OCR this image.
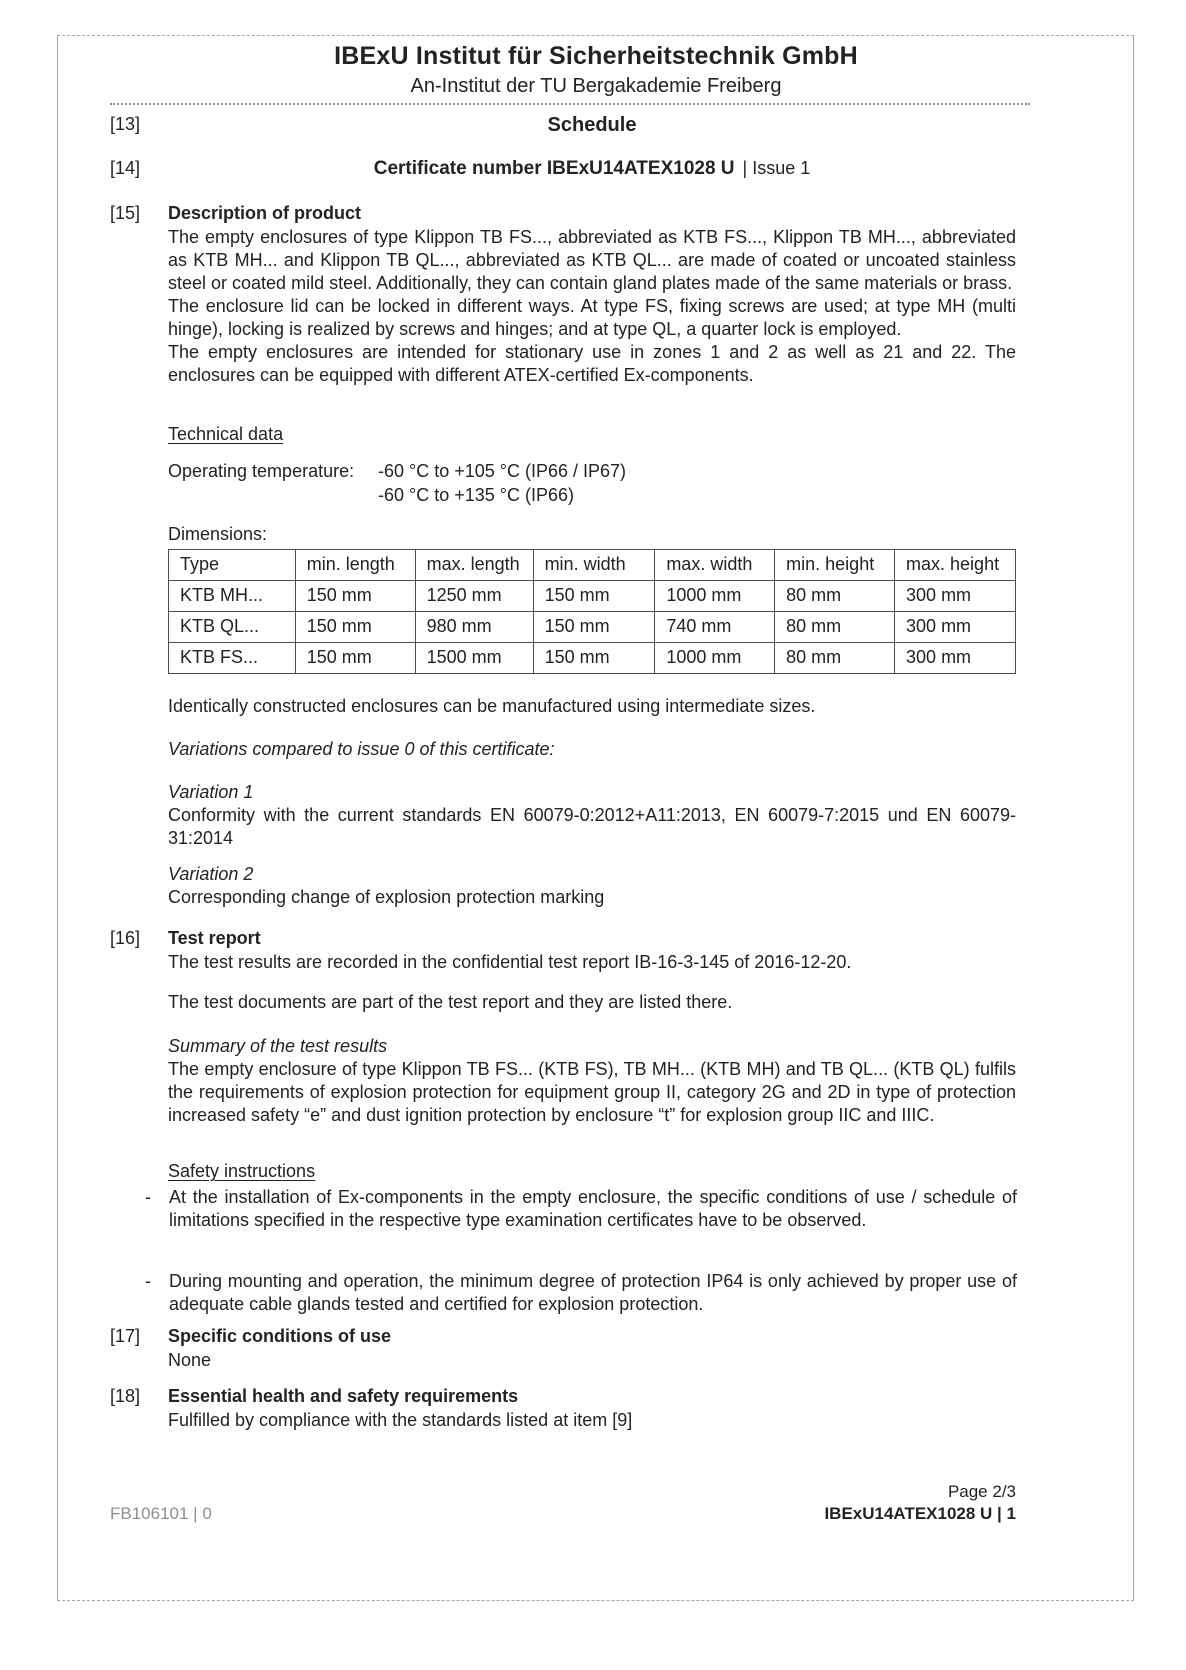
IBExU Institut für Sicherheitstechnik GmbH
An-Institut der TU Bergakademie Freiberg
[13]	Schedule
[14]	Certificate number IBExU14ATEX1028 U | Issue 1
[15]	Description of product
The empty enclosures of type Klippon TB FS..., abbreviated as KTB FS..., Klippon TB MH..., abbreviated as KTB MH... and Klippon TB QL..., abbreviated as KTB QL... are made of coated or uncoated stainless steel or coated mild steel. Additionally, they can contain gland plates made of the same materials or brass.
The enclosure lid can be locked in different ways. At type FS, fixing screws are used; at type MH (multi hinge), locking is realized by screws and hinges; and at type QL, a quarter lock is employed.
The empty enclosures are intended for stationary use in zones 1 and 2 as well as 21 and 22. The enclosures can be equipped with different ATEX-certified Ex-components.
Technical data
Operating temperature:	-60 °C to +105 °C (IP66 / IP67)
-60 °C to +135 °C (IP66)
Dimensions:
Type	min. length	max. length	min. width	max. width	min. height	max. height
KTB MH...	150 mm	1250 mm	150 mm	1000 mm	80 mm	300 mm
KTB QL...	150 mm	980 mm	150 mm	740 mm	80 mm	300 mm
KTB FS...	150 mm	1500 mm	150 mm	1000 mm	80 mm	300 mm
Identically constructed enclosures can be manufactured using intermediate sizes.
Variations compared to issue 0 of this certificate:
Variation 1
Conformity with the current standards EN 60079-0:2012+A11:2013, EN 60079-7:2015 und EN 60079-31:2014
Variation 2
Corresponding change of explosion protection marking
[16]	Test report
The test results are recorded in the confidential test report IB-16-3-145 of 2016-12-20.
The test documents are part of the test report and they are listed there.
Summary of the test results
The empty enclosure of type Klippon TB FS... (KTB FS), TB MH... (KTB MH) and TB QL... (KTB QL) fulfils the requirements of explosion protection for equipment group II, category 2G and 2D in type of protection increased safety “e” and dust ignition protection by enclosure “t” for explosion group IIC and IIIC.
Safety instructions
-	At the installation of Ex-components in the empty enclosure, the specific conditions of use / schedule of limitations specified in the respective type examination certificates have to be observed.
-	During mounting and operation, the minimum degree of protection IP64 is only achieved by proper use of adequate cable glands tested and certified for explosion protection.
[17]	Specific conditions of use
None
[18]	Essential health and safety requirements
Fulfilled by compliance with the standards listed at item [9]
Page 2/3
IBExU14ATEX1028 U | 1
FB106101 | 0
